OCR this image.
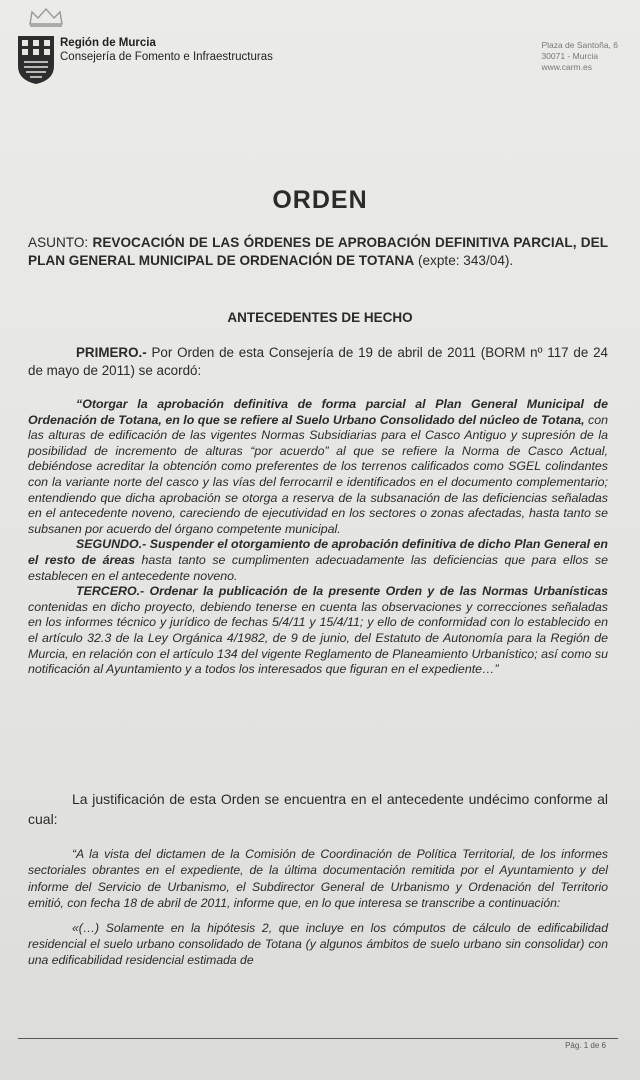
Región de Murcia
Consejería de Fomento e Infraestructuras
Plaza de Santoña, 6
30071 - Murcia
www.carm.es
ORDEN
ASUNTO: REVOCACIÓN DE LAS ÓRDENES DE APROBACIÓN DEFINITIVA PARCIAL, DEL PLAN GENERAL MUNICIPAL DE ORDENACIÓN DE TOTANA (expte: 343/04).
ANTECEDENTES DE HECHO
PRIMERO.- Por Orden de esta Consejería de 19 de abril de 2011 (BORM nº 117 de 24 de mayo de 2011) se acordó:

“Otorgar la aprobación definitiva de forma parcial al Plan General Municipal de Ordenación de Totana, en lo que se refiere al Suelo Urbano Consolidado del núcleo de Totana, con las alturas de edificación de las vigentes Normas Subsidiarias para el Casco Antiguo y supresión de la posibilidad de incremento de alturas “por acuerdo” al que se refiere la Norma de Casco Actual, debiéndose acreditar la obtención como preferentes de los terrenos calificados como SGEL colindantes con la variante norte del casco y las vías del ferrocarril e identificados en el documento complementario; entendiendo que dicha aprobación se otorga a reserva de la subsanación de las deficiencias señaladas en el antecedente noveno, careciendo de ejecutividad en los sectores o zonas afectadas, hasta tanto se subsanen por acuerdo del órgano competente municipal.

SEGUNDO.- Suspender el otorgamiento de aprobación definitiva de dicho Plan General en el resto de áreas hasta tanto se cumplimenten adecuadamente las deficiencias que para ellos se establecen en el antecedente noveno.

TERCERO.- Ordenar la publicación de la presente Orden y de las Normas Urbanísticas contenidas en dicho proyecto, debiendo tenerse en cuenta las observaciones y correcciones señaladas en los informes técnico y jurídico de fechas 5/4/11 y 15/4/11; y ello de conformidad con lo establecido en el artículo 32.3 de la Ley Orgánica 4/1982, de 9 de junio, del Estatuto de Autonomía para la Región de Murcia, en relación con el artículo 134 del vigente Reglamento de Planeamiento Urbanístico; así como su notificación al Ayuntamiento y a todos los interesados que figuran en el expediente…”

La justificación de esta Orden se encuentra en el antecedente undécimo conforme al cual:

“A la vista del dictamen de la Comisión de Coordinación de Política Territorial, de los informes sectoriales obrantes en el expediente, de la última documentación remitida por el Ayuntamiento y del informe del Servicio de Urbanismo, el Subdirector General de Urbanismo y Ordenación del Territorio emitió, con fecha 18 de abril de 2011, informe que, en lo que interesa se transcribe a continuación:

«(…) Solamente en la hipótesis 2, que incluye en los cómputos de cálculo de edificabilidad residencial el suelo urbano consolidado de Totana (y algunos ámbitos de suelo urbano sin consolidar) con una edificabilidad residencial estimada de

Pág. 1 de 6
